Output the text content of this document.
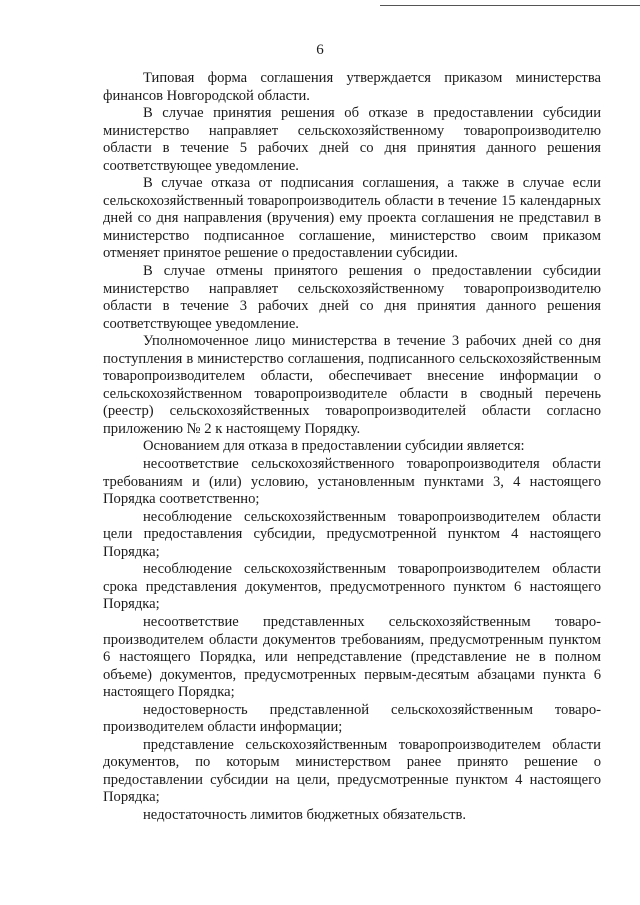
6

Типовая форма соглашения утверждается приказом министерства финансов Новгородской области.

В случае принятия решения об отказе в предоставлении субсидии министерство направляет сельскохозяйственному товаропроизводителю области в течение 5 рабочих дней со дня принятия данного решения соответствующее уведомление.

В случае отказа от подписания соглашения, а также в случае если сельскохозяйственный товаропроизводитель области в течение 15 календарных дней со дня направления (вручения) ему проекта соглашения не представил в министерство подписанное соглашение, министерство своим приказом отменяет принятое решение о предоставлении субсидии.

В случае отмены принятого решения о предоставлении субсидии министерство направляет сельскохозяйственному товаропроизводителю области в течение 3 рабочих дней со дня принятия данного решения соответствующее уведомление.

Уполномоченное лицо министерства в течение 3 рабочих дней со дня поступления в министерство соглашения, подписанного сельскохозяйственным товаропроизводителем области, обеспечивает внесение информации о сельскохозяйственном товаропроизводителе области в сводный перечень (реестр) сельскохозяйственных товаропроизводителей области согласно приложению № 2 к настоящему Порядку.

Основанием для отказа в предоставлении субсидии является:

несоответствие сельскохозяйственного товаропроизводителя области требованиям и (или) условию, установленным пунктами 3, 4 настоящего Порядка соответственно;

несоблюдение сельскохозяйственным товаропроизводителем области цели предоставления субсидии, предусмотренной пунктом 4 настоящего Порядка;

несоблюдение сельскохозяйственным товаропроизводителем области срока представления документов, предусмотренного пунктом 6 настоящего Порядка;

несоответствие представленных сельскохозяйственным товаропроизводителем области документов требованиям, предусмотренным пунктом 6 настоящего Порядка, или непредставление (представление не в полном объеме) документов, предусмотренных первым-десятым абзацами пункта 6 настоящего Порядка;

недостоверность представленной сельскохозяйственным товаропроизводителем области информации;

представление сельскохозяйственным товаропроизводителем области документов, по которым министерством ранее принято решение о предоставлении субсидии на цели, предусмотренные пунктом 4 настоящего Порядка;

недостаточность лимитов бюджетных обязательств.
